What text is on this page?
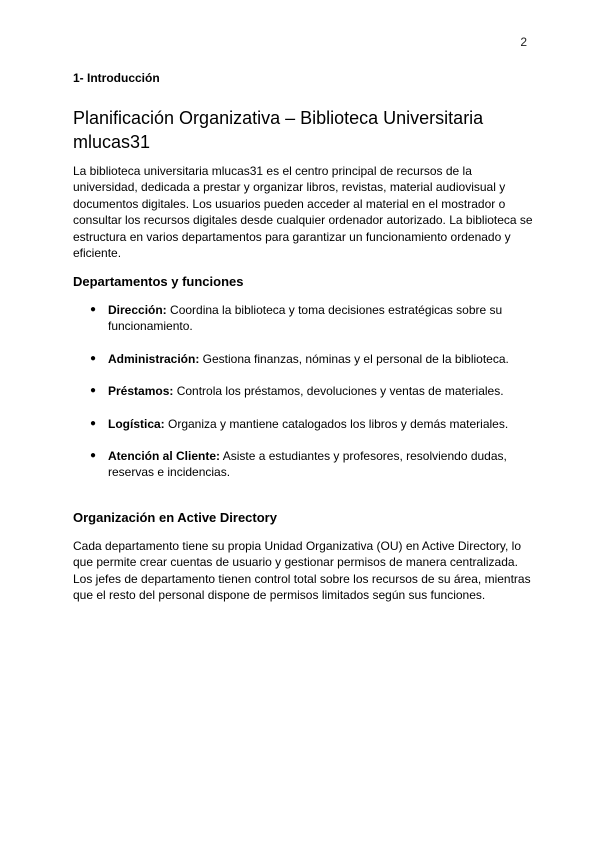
2
1- Introducción
Planificación Organizativa – Biblioteca Universitaria mlucas31

La biblioteca universitaria mlucas31 es el centro principal de recursos de la universidad, dedicada a prestar y organizar libros, revistas, material audiovisual y documentos digitales. Los usuarios pueden acceder al material en el mostrador o consultar los recursos digitales desde cualquier ordenador autorizado. La biblioteca se estructura en varios departamentos para garantizar un funcionamiento ordenado y eficiente.

Departamentos y funciones
● Dirección: Coordina la biblioteca y toma decisiones estratégicas sobre su funcionamiento.
● Administración: Gestiona finanzas, nóminas y el personal de la biblioteca.
● Préstamos: Controla los préstamos, devoluciones y ventas de materiales.
● Logística: Organiza y mantiene catalogados los libros y demás materiales.
● Atención al Cliente: Asiste a estudiantes y profesores, resolviendo dudas, reservas e incidencias.
Organización en Active Directory

Cada departamento tiene su propia Unidad Organizativa (OU) en Active Directory, lo que permite crear cuentas de usuario y gestionar permisos de manera centralizada. Los jefes de departamento tienen control total sobre los recursos de su área, mientras que el resto del personal dispone de permisos limitados según sus funciones.
